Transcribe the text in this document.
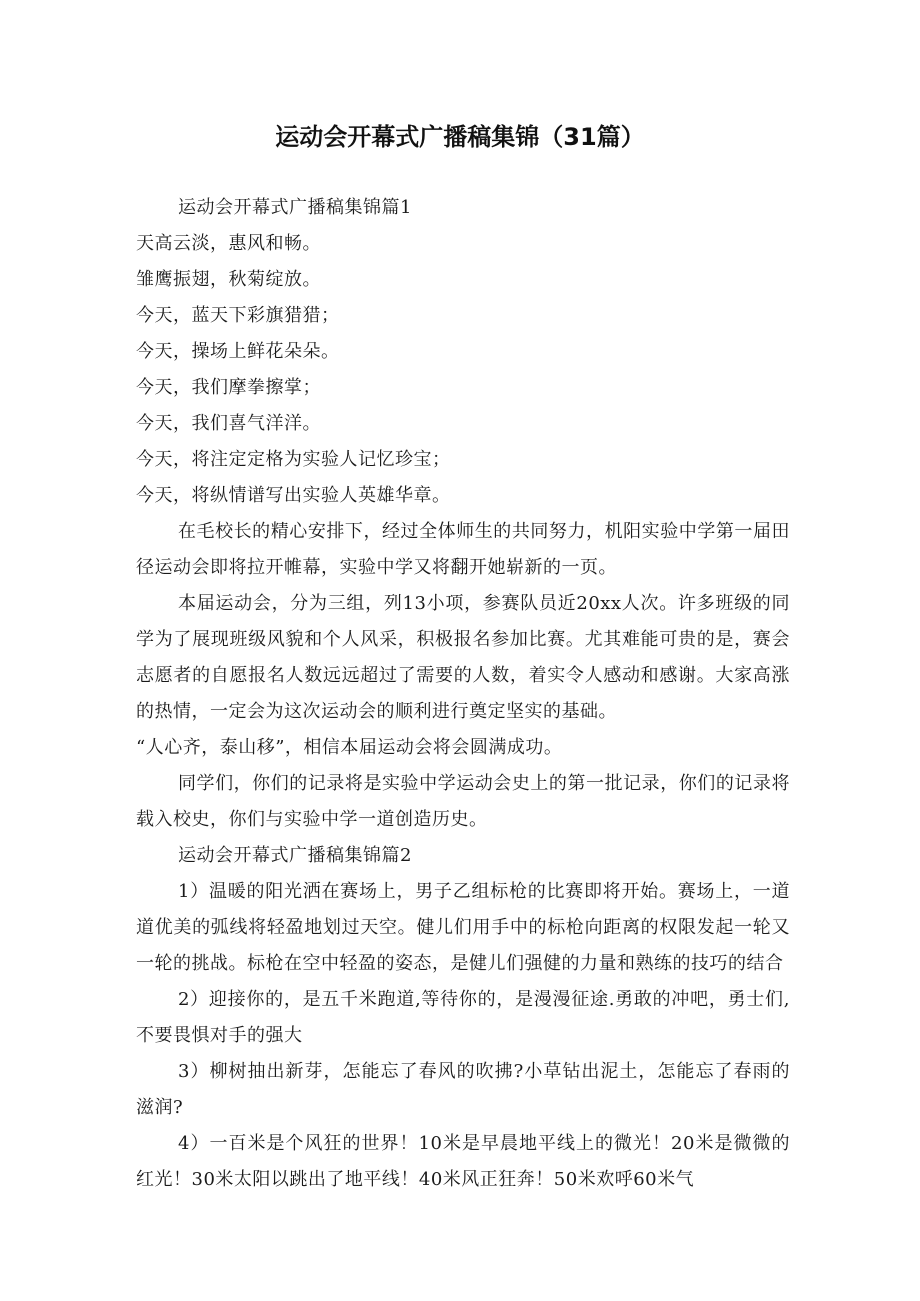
运动会开幕式广播稿集锦（31篇）

运动会开幕式广播稿集锦篇1

天高云淡，惠风和畅。

雏鹰振翅，秋菊绽放。

今天，蓝天下彩旗猎猎；

今天，操场上鲜花朵朵。

今天，我们摩拳擦掌；

今天，我们喜气洋洋。

今天，将注定定格为实验人记忆珍宝；

今天，将纵情谱写出实验人英雄华章。

在毛校长的精心安排下，经过全体师生的共同努力，机阳实验中学第一届田径运动会即将拉开帷幕，实验中学又将翻开她崭新的一页。

本届运动会，分为三组，列13小项，参赛队员近20xx人次。许多班级的同学为了展现班级风貌和个人风采，积极报名参加比赛。尤其难能可贵的是，赛会志愿者的自愿报名人数远远超过了需要的人数，着实令人感动和感谢。大家高涨的热情，一定会为这次运动会的顺利进行奠定坚实的基础。

“人心齐，泰山移”，相信本届运动会将会圆满成功。

同学们，你们的记录将是实验中学运动会史上的第一批记录，你们的记录将载入校史，你们与实验中学一道创造历史。

运动会开幕式广播稿集锦篇2

1）温暖的阳光洒在赛场上，男子乙组标枪的比赛即将开始。赛场上，一道道优美的弧线将轻盈地划过天空。健儿们用手中的标枪向距离的权限发起一轮又一轮的挑战。标枪在空中轻盈的姿态，是健儿们强健的力量和熟练的技巧的结合

2）迎接你的，是五千米跑道,等待你的，是漫漫征途.勇敢的冲吧，勇士们,不要畏惧对手的强大

3）柳树抽出新芽，怎能忘了春风的吹拂?小草钻出泥土，怎能忘了春雨的滋润?

4）一百米是个风狂的世界！10米是早晨地平线上的微光！20米是微微的红光！30米太阳以跳出了地平线！40米风正狂奔！50米欢呼60米气
